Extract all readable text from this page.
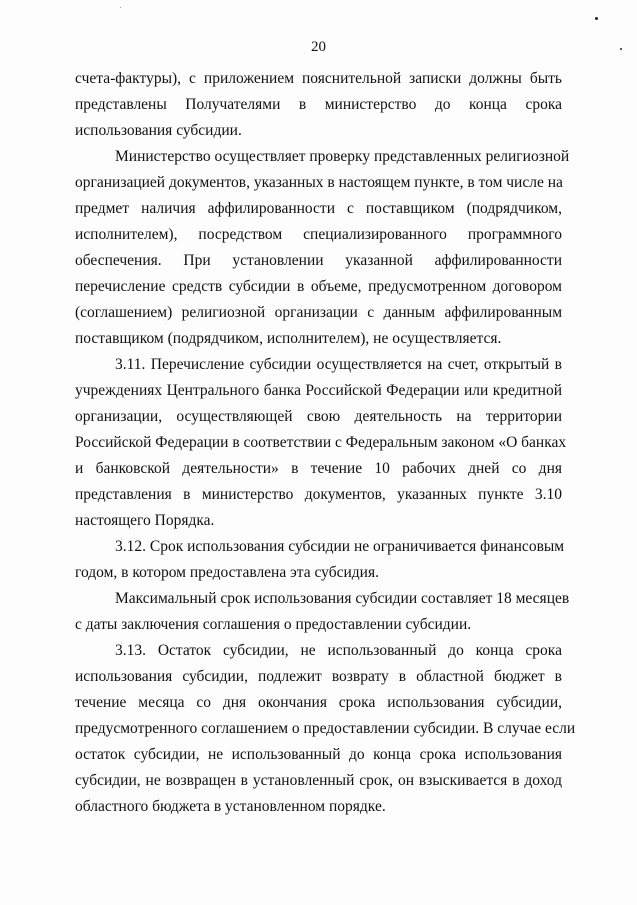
20

счета-фактуры), с приложением пояснительной записки должны быть
представлены Получателями в министерство до конца срока
использования субсидии.

Министерство осуществляет проверку представленных религиозной
организацией документов, указанных в настоящем пункте, в том числе на
предмет наличия аффилированности с поставщиком (подрядчиком,
исполнителем), посредством специализированного программного
обеспечения. При установлении указанной аффилированности
перечисление средств субсидии в объеме, предусмотренном договором
(соглашением) религиозной организации с данным аффилированным
поставщиком (подрядчиком, исполнителем), не осуществляется.

3.11. Перечисление субсидии осуществляется на счет, открытый в
учреждениях Центрального банка Российской Федерации или кредитной
организации, осуществляющей свою деятельность на территории
Российской Федерации в соответствии с Федеральным законом «О банках
и банковской деятельности» в течение 10 рабочих дней со дня
представления в министерство документов, указанных пункте 3.10
настоящего Порядка.

3.12. Срок использования субсидии не ограничивается финансовым
годом, в котором предоставлена эта субсидия.

Максимальный срок использования субсидии составляет 18 месяцев
с даты заключения соглашения о предоставлении субсидии.

3.13. Остаток субсидии, не использованный до конца срока
использования субсидии, подлежит возврату в областной бюджет в
течение месяца со дня окончания срока использования субсидии,
предусмотренного соглашением о предоставлении субсидии. В случае если
остаток субсидии, не использованный до конца срока использования
субсидии, не возвращен в установленный срок, он взыскивается в доход
областного бюджета в установленном порядке.
